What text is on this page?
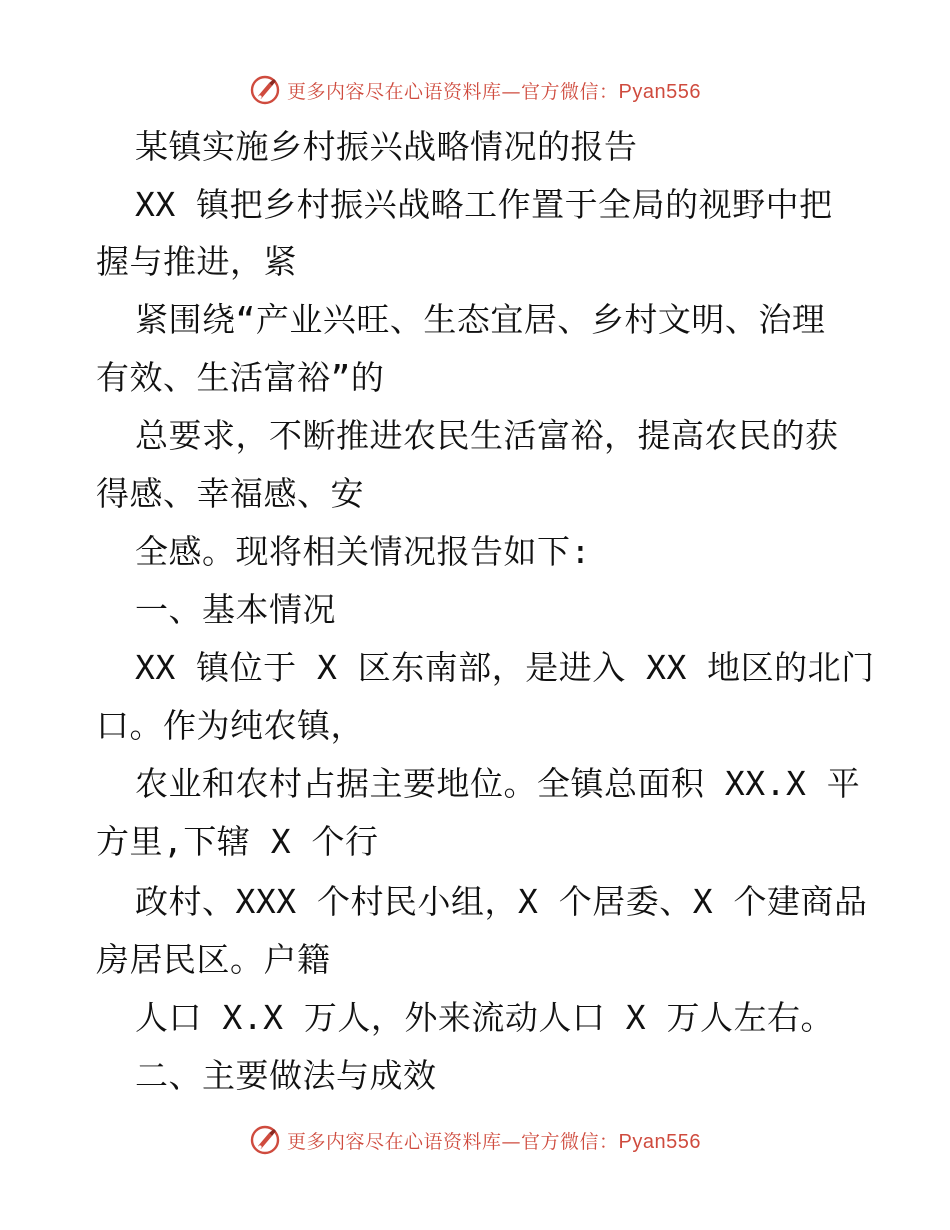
更多内容尽在心语资料库—官方微信：Pyan556
某镇实施乡村振兴战略情况的报告
XX 镇把乡村振兴战略工作置于全局的视野中把
握与推进，紧
紧围绕“产业兴旺、生态宜居、乡村文明、治理
有效、生活富裕”的
总要求，不断推进农民生活富裕，提高农民的获
得感、幸福感、安
全感。现将相关情况报告如下:
一、基本情况
XX 镇位于 X 区东南部，是进入 XX 地区的北门
口。作为纯农镇，
农业和农村占据主要地位。全镇总面积 XX.X 平
方里,下辖 X 个行
政村、XXX 个村民小组，X 个居委、X 个建商品
房居民区。户籍
人口 X.X 万人，外来流动人口 X 万人左右。
二、主要做法与成效
更多内容尽在心语资料库—官方微信：Pyan556
